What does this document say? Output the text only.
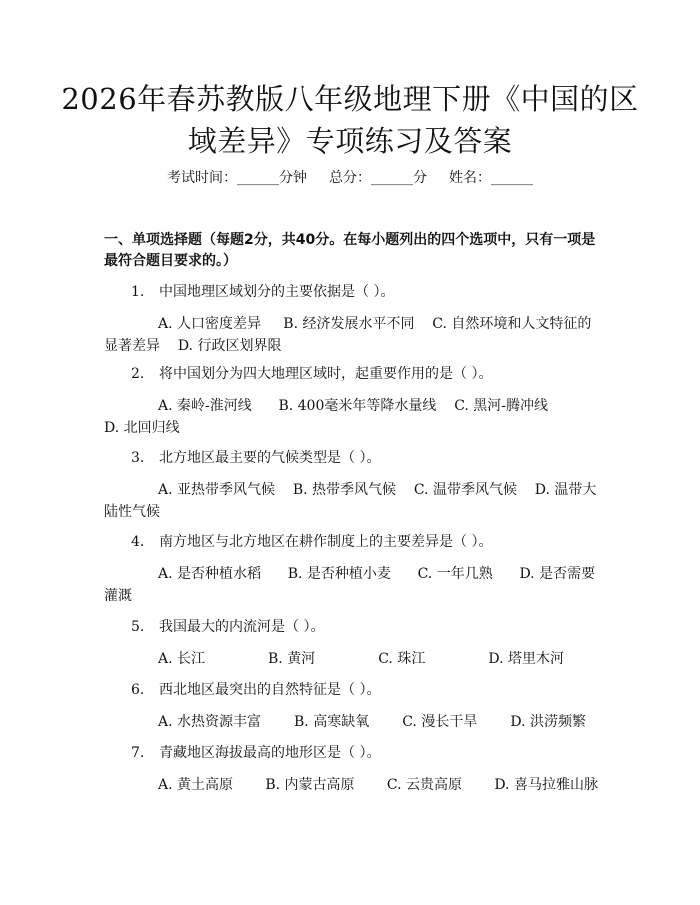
2026年春苏教版八年级地理下册《中国的区域差异》专项练习及答案
考试时间：______分钟 总分：______分 姓名：______
一、单项选择题（每题2分，共40分。在每小题列出的四个选项中，只有一项是最符合题目要求的。）
1. 中国地理区域划分的主要依据是（ ）。
A. 人口密度差异 B. 经济发展水平不同 C. 自然环境和人文特征的显著差异 D. 行政区划界限
2. 将中国划分为四大地理区域时，起重要作用的是（ ）。
A. 秦岭-淮河线 B. 400毫米年等降水量线 C. 黑河-腾冲线
D. 北回归线
3. 北方地区最主要的气候类型是（ ）。
A. 亚热带季风气候 B. 热带季风气候 C. 温带季风气候 D. 温带大陆性气候
4. 南方地区与北方地区在耕作制度上的主要差异是（ ）。
A. 是否种植水稻 B. 是否种植小麦 C. 一年几熟 D. 是否需要灌溉
5. 我国最大的内流河是（ ）。
A. 长江	B. 黄河	C. 珠江	D. 塔里木河
6. 西北地区最突出的自然特征是（ ）。
A. 水热资源丰富 B. 高寒缺氧 C. 漫长干旱 D. 洪涝频繁
7. 青藏地区海拔最高的地形区是（ ）。
A. 黄土高原 B. 内蒙古高原 C. 云贵高原 D. 喜马拉雅山脉
